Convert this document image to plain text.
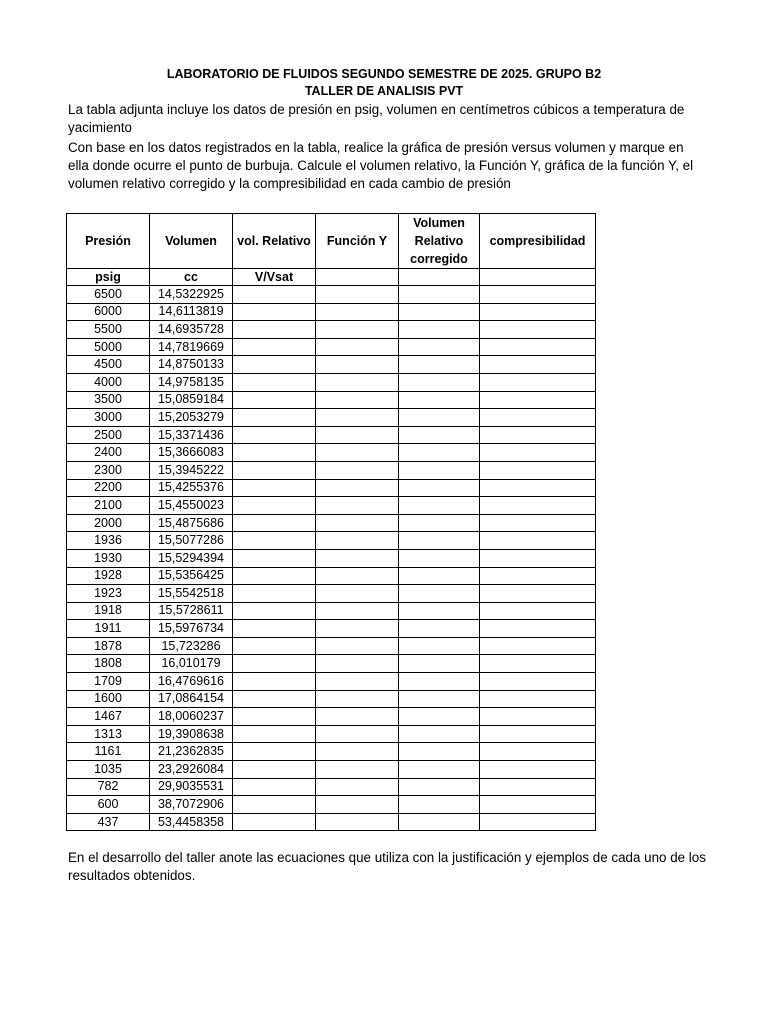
LABORATORIO DE FLUIDOS SEGUNDO SEMESTRE DE 2025. GRUPO B2
TALLER DE ANALISIS PVT
La tabla adjunta incluye los datos de presión en psig, volumen en centímetros cúbicos a temperatura de yacimiento
Con base en los datos registrados en la tabla, realice la gráfica de presión versus volumen y marque en ella donde ocurre el punto de burbuja. Calcule el volumen relativo, la Función Y, gráfica de la función Y, el volumen relativo corregido y la compresibilidad en cada cambio de presión
Presión	Volumen	vol. Relativo	Función Y	Volumen Relativo corregido	compresibilidad
psig	cc	V/Vsat			
6500	14,5322925				
6000	14,6113819				
5500	14,6935728				
5000	14,7819669				
4500	14,8750133				
4000	14,9758135				
3500	15,0859184				
3000	15,2053279				
2500	15,3371436				
2400	15,3666083				
2300	15,3945222				
2200	15,4255376				
2100	15,4550023				
2000	15,4875686				
1936	15,5077286				
1930	15,5294394				
1928	15,5356425				
1923	15,5542518				
1918	15,5728611				
1911	15,5976734				
1878	15,723286				
1808	16,010179				
1709	16,4769616				
1600	17,0864154				
1467	18,0060237				
1313	19,3908638				
1161	21,2362835				
1035	23,2926084				
782	29,9035531				
600	38,7072906				
437	53,4458358				
En el desarrollo del taller anote las ecuaciones que utiliza con la justificación y ejemplos de cada uno de los resultados obtenidos.
